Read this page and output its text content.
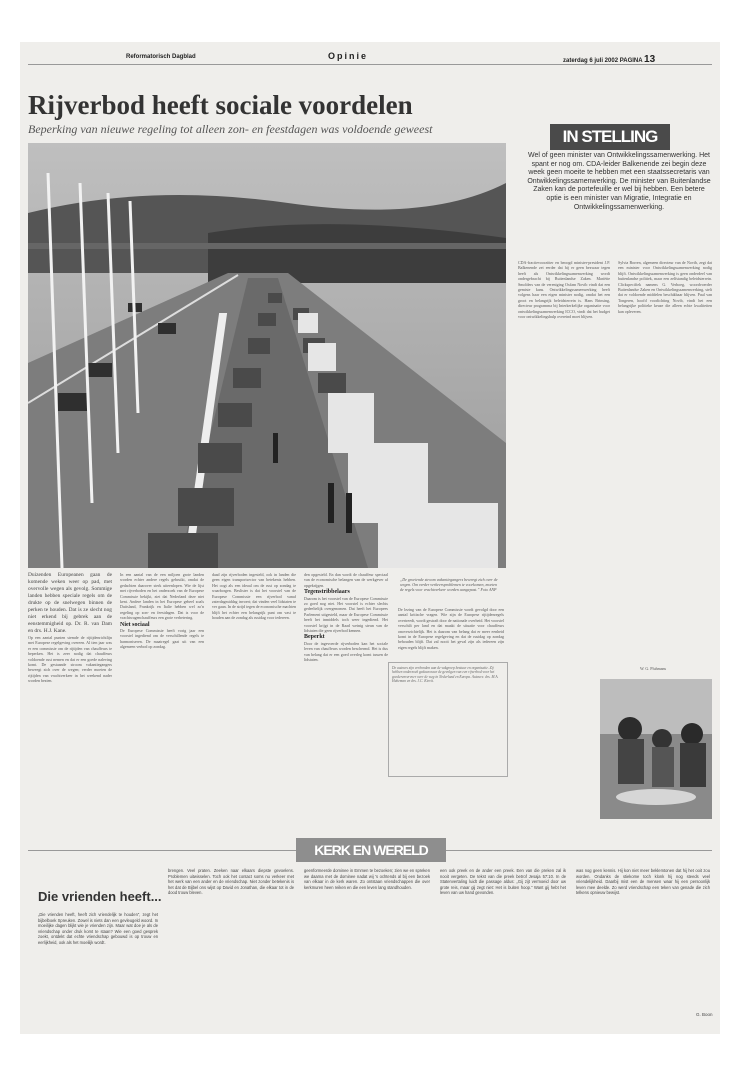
Reformatorisch Dagblad	Opinie	zaterdag 6 juli 2002 PAGINA 13
Rijverbod heeft sociale voordelen
Beperking van nieuwe regeling tot alleen zon- en feestdagen was voldoende geweest
Duizenden Europeanen gaan de komende weken weer op pad, met overvolle wegen als gevolg. Sommige landen hebben speciale regels om de drukte op de snelwegen binnen de perken te houden. Dat is ze slecht nog niet erkend bij gebrek aan de eenstemmigheid op. Dr. R. van Dam en drs. H.J. Kane.
Op een aantal punten stemde de rijtijdenrichtlijn met Europese regelgeving overeen. Al tien jaar was er een commissie om de rijtijden van chauffeurs te beperken. Het is zeer nodig dat chauffeurs voldoende rust nemen en dat er een goede naleving komt. De gestaande stroom vakantiegangers beweegt zich over de wegen; verder moeten de rijtijden van vrachtverkeer in het weekend nader worden bezien.
In een aantal van de een miljoen grote landen worden echter andere regels gebruikt, omdat de gedachten daarover sterk uiteenlopen. Wie de lijst met rijverboden en het onderzoek van de Europese Commissie bekijkt, ziet dat Nederland deze niet kent. Andere landen in het Europese geheel zoals Duitsland, Frankrijk en Italie hebben wel zo'n regeling op zon- en feestdagen. Dat is voor de vrachtwagenchauffeurs een grote verbetering.
Niet sociaal
De Europese Commissie heeft vorig jaar een voorstel ingediend om de verschillende regels te harmoniseren. De maatregel gaat uit van een algemeen verbod op zondag.
daad zijn rijverboden ingesteld, ook in landen die geen eigen transportsector van betekenis hebben. Het oogt als een ideaal om de rust op zondag te waarborgen. Beslister is dat het voorstel van de Europese Commissie een rijverbod vanaf zaterdagmiddag invoert; dat vinden veel lidstaten te ver gaan. In de strijd tegen de economische machten blijft het echter een belangrijk punt om vast te houden aan de zondag als rustdag voor iedereen.
den opgesteld. En dan wordt de chauffeur speciaal van de economische belangen van de werkgever af opgekrijgen.
Tegenstribbelaars
Daarom is het voorstel van de Europese Commissie zo goed nog niet. Het voorstel is echter slechts gedeeltelijk overgenomen. Dat heeft het Europees Parlement uitgesteld, maar de Europese Commissie heeft het inmiddels toch weer ingediend. Het voorstel krijgt in de Raad weinig steun van de lidstaten die geen rijverbod kennen.
Beperkt
Door de ingevoerde rijverboden kan het sociale leven van chauffeurs worden beschermd. Het is dus van belang dat er een goed overleg komt tussen de lidstaten.
„De groeiende stroom vakantiegangers beweegt zich over de wegen. Om verder verkeersproblemen te voorkomen, moeten de regels voor vrachtverkeer worden aangepast.” Foto ANP
De lezing van de Europese Commissie wordt gevolgd door een aantal kritische vragen. Wie zijn de Europese rijtijdenregels overtreedt, wordt gestraft door de nationale overheid. Het voorstel verschilt per land en dat maakt de situatie voor chauffeurs onoverzichtelijk. Het is daarom van belang dat er meer eenheid komt in de Europese regelgeving en dat de rustdag op zondag behouden blijft. Dat zal nooit het geval zijn als iedereen zijn eigen regels blijft maken.
De auteurs zijn verbonden aan de vakgroep bestuur en organisatie. Zij hebben onderzoek gedaan naar de gevolgen van een rijverbod voor het goederenvervoer over de weg in Nederland en Europa. Auteurs: drs. M.A. Hubeman en drs. J.C. Kievit.
IN STELLING
Wel of geen minister van Ontwikkelingssamenwerking. Het spant er nog om. CDA-leider Balkenende zei begin deze week geen moeite te hebben met een staatssecretaris van Ontwikkelingssamenwerking. De minister van Buitenlandse Zaken kan de portefeuille er wel bij hebben. Een betere optie is een minister van Migratie, Integratie en Ontwikkelingssamenwerking.
CDA-fractievoorzitter en beoogd minister-president J.P. Balkenende zei eerder dat hij er geen bezwaar tegen heeft als Ontwikkelingssamenwerking wordt ondergebracht bij Buitenlandse Zaken. Mariëtte Smolders van de vereniging Oxfam Novib vindt dat een gemiste kans. Ontwikkelingssamenwerking heeft volgens haar een eigen minister nodig, omdat het een groot en belangrijk beleidsterrein is. Hans Brinsing, directeur programma bij Interkerkelijke organisatie voor ontwikkelingssamenwerking ICCO, vindt dat het budget voor ontwikkelingshulp overeind moet blijven.
Sylvia Borren, algemeen directeur van de Novib, zegt dat een minister voor Ontwikkelingssamenwerking nodig blijft. Ontwikkelingssamenwerking is geen onderdeel van buitenlandse politiek, maar een zelfstandig beleidsterrein. Clickspecifiek namens G. Verhoeg, woordvoerder Buitenlandse Zaken en Ontwikkelingssamenwerking, stelt dat er voldoende middelen beschikbaar blijven. Paul van Tongeren, hoofd voorlichting Novib, vindt het een belangrijke politieke keuze die alleen echte kwaliteiten kan opleveren.
W. G. Pluhmans
KERK EN WERELD
Die vrienden heeft...
„Die vrienden heeft, heeft zich vriendelijk te houden”, zegt het bijbelboek Spreuken. Zowel is niets dan een gevleugeld woord. In moeilijke dagen blijkt wie je vrienden zijn. Maar wat doe je als de vriendschap onder druk komt te staan? Wie een goed gesprek zoekt, ontdekt dat echte vriendschap gebouwd is op trouw en eerlijkheid, ook als het moeilijk wordt.
brengen. Veel praten. Zeeken naar elkaars diepste gevoelens. Problemen uitwisselen. Toch ook het contact soms nu verkeer met het werk van een ander en de vriendschap. Niet zonder betekenis is het dat de Bijbel ons wijst op David en Jonathan, die elkaar tot in de dood trouw bleven.
geenformeerde dominee in Emmen te bezoeken; zien we en spreken we daarna met de dominee nadat wij 's ochtends al bij een bezoek van elkaar in de kerk waren. Zo ontstaan vriendschappen die over kerkmuren heen reiken en die een leven lang standhouden.
een ook preek en de ander een preek. Een van die preken zal ik nooit vergeten. De tekst van die preek betrof Jesaja 57:10. In de Statenvertaling luidt die passage aldus: „Gij zijt vermoeid door uw grote reis, maar gij zegt niet: Het is buiten hoop.” Want gij hebt het leven van uw hand gevonden.
was nog geen kennis. Hij kon niet meer beklemtonen dat hij het ooit zou worden. Ondanks de stiekome toch klonk hij nog steeds veel vriendelijkheid. Daarbij mist een de mensen waar hij een persoonlijk leven mee deelde. Zo werd vriendschap een teken van genade die zich telkens opnieuw bewijst.
G. Boon
